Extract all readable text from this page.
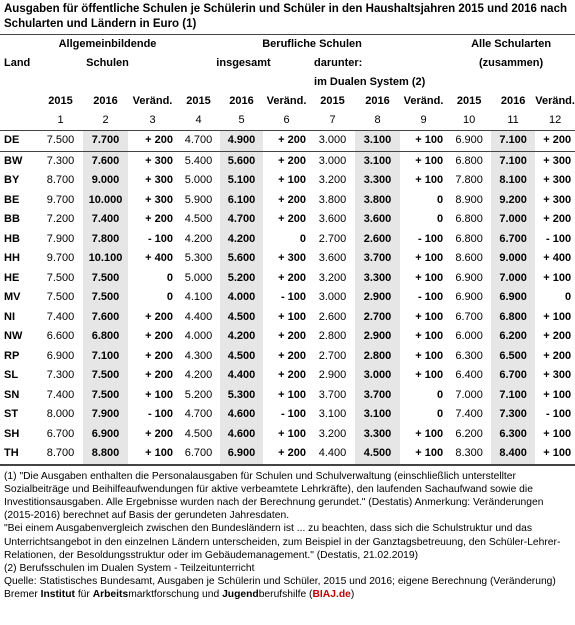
Ausgaben für öffentliche Schulen je Schülerin und Schüler in den Haushaltsjahren 2015 und 2016 nach Schularten und Ländern in Euro (1)
	Allgemeinbildende			Berufliche Schulen						Alle Schularten		
Land	Schulen			insgesamt			darunter:			(zusammen)		
							im Dualen System (2)					
	2015	2016	Veränd.	2015	2016	Veränd.	2015	2016	Veränd.	2015	2016	Veränd.
	1	2	3	4	5	6	7	8	9	10	11	12
DE	7.500	7.700	+ 200	4.700	4.900	+ 200	3.000	3.100	+ 100	6.900	7.100	+ 200
BW	7.300	7.600	+ 300	5.400	5.600	+ 200	3.000	3.100	+ 100	6.800	7.100	+ 300
BY	8.700	9.000	+ 300	5.000	5.100	+ 100	3.200	3.300	+ 100	7.800	8.100	+ 300
BE	9.700	10.000	+ 300	5.900	6.100	+ 200	3.800	3.800	0	8.900	9.200	+ 300
BB	7.200	7.400	+ 200	4.500	4.700	+ 200	3.600	3.600	0	6.800	7.000	+ 200
HB	7.900	7.800	- 100	4.200	4.200	0	2.700	2.600	- 100	6.800	6.700	- 100
HH	9.700	10.100	+ 400	5.300	5.600	+ 300	3.600	3.700	+ 100	8.600	9.000	+ 400
HE	7.500	7.500	0	5.000	5.200	+ 200	3.200	3.300	+ 100	6.900	7.000	+ 100
MV	7.500	7.500	0	4.100	4.000	- 100	3.000	2.900	- 100	6.900	6.900	0
NI	7.400	7.600	+ 200	4.400	4.500	+ 100	2.600	2.700	+ 100	6.700	6.800	+ 100
NW	6.600	6.800	+ 200	4.000	4.200	+ 200	2.800	2.900	+ 100	6.000	6.200	+ 200
RP	6.900	7.100	+ 200	4.300	4.500	+ 200	2.700	2.800	+ 100	6.300	6.500	+ 200
SL	7.300	7.500	+ 200	4.200	4.400	+ 200	2.900	3.000	+ 100	6.400	6.700	+ 300
SN	7.400	7.500	+ 100	5.200	5.300	+ 100	3.700	3.700	0	7.000	7.100	+ 100
ST	8.000	7.900	- 100	4.700	4.600	- 100	3.100	3.100	0	7.400	7.300	- 100
SH	6.700	6.900	+ 200	4.500	4.600	+ 100	3.200	3.300	+ 100	6.200	6.300	+ 100
TH	8.700	8.800	+ 100	6.700	6.900	+ 200	4.400	4.500	+ 100	8.300	8.400	+ 100

(1) "Die Ausgaben enthalten die Personalausgaben für Schulen und Schulverwaltung (einschließlich unterstellter Sozialbeiträge und Beihilfeaufwendungen für aktive verbeamtete Lehrkräfte), den laufenden Sachaufwand sowie die Investitionsausgaben. Alle Ergebnisse wurden nach der Berechnung gerundet." (Destatis) Anmerkung: Veränderungen (2015-2016) berechnet auf Basis der gerundeten Jahresdaten.

"Bei einem Ausgabenvergleich zwischen den Bundesländern ist ... zu beachten, dass sich die Schulstruktur und das Unterrichtsangebot in den einzelnen Ländern unterscheiden, zum Beispiel in der Ganztagsbetreuung, den Schüler-Lehrer-Relationen, der Besoldungsstruktur oder im Gebäudemanagement." (Destatis, 21.02.2019)

(2) Berufsschulen im Dualen System - Teilzeitunterricht

Quelle: Statistisches Bundesamt, Ausgaben je Schülerin und Schüler, 2015 und 2016; eigene Berechnung (Veränderung)

Bremer Institut für Arbeitsmarktforschung und Jugendberufshilfe (BIAJ.de)
